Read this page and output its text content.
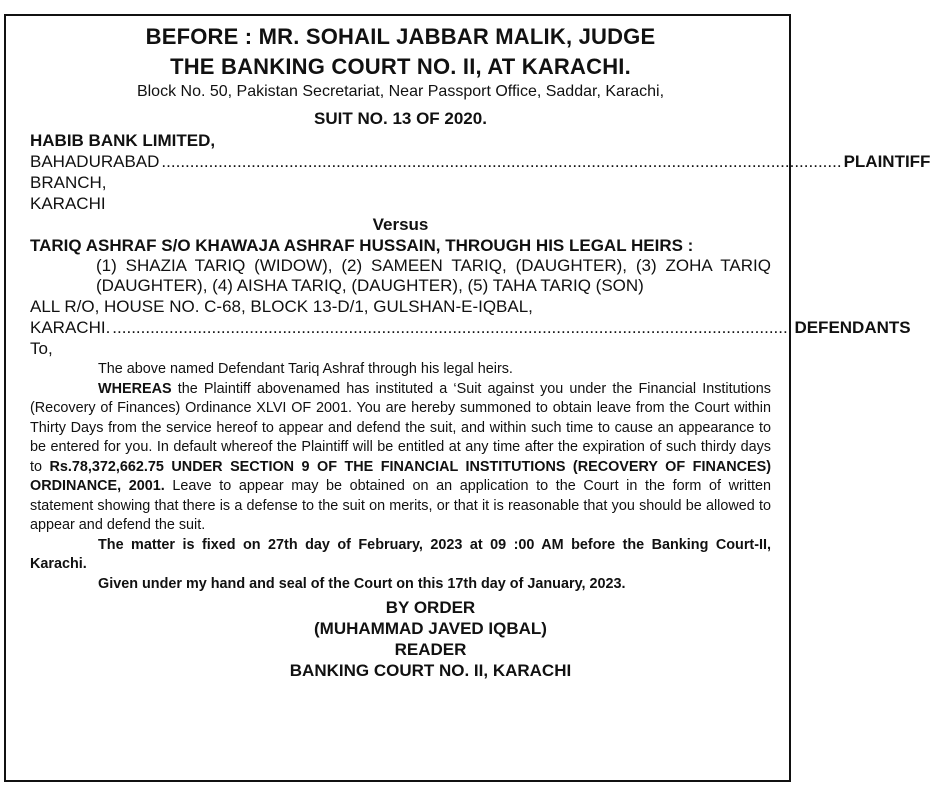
BEFORE : MR. SOHAIL JABBAR MALIK, JUDGE
THE BANKING COURT NO. II, AT KARACHI.
Block No. 50, Pakistan Secretariat, Near Passport Office, Saddar, Karachi,
SUIT NO. 13 OF 2020.
HABIB BANK LIMITED,
BAHADURABAD BRANCH, KARACHI
................................................................................................................................................ PLAINTIFF
Versus
TARIQ ASHRAF S/O KHAWAJA ASHRAF HUSSAIN, THROUGH HIS LEGAL HEIRS :
(1) SHAZIA TARIQ (WIDOW), (2) SAMEEN TARIQ, (DAUGHTER), (3) ZOHA TARIQ (DAUGHTER), (4) AISHA TARIQ, (DAUGHTER), (5) TAHA TARIQ (SON)
ALL R/O, HOUSE NO. C-68, BLOCK 13-D/1, GULSHAN-E-IQBAL,
KARACHI. ................................................................................................................................................ DEFENDANTS
To,

The above named Defendant Tariq Ashraf through his legal heirs.

WHEREAS the Plaintiff abovenamed has instituted a ‘Suit against you under the Financial Institutions (Recovery of Finances) Ordinance XLVI OF 2001. You are hereby summoned to obtain leave from the Court within Thirty Days from the service hereof to appear and defend the suit, and within such time to cause an appearance to be entered for you. In default whereof the Plaintiff will be entitled at any time after the expiration of such thirdy days to Rs.78,372,662.75 UNDER SECTION 9 OF THE FINANCIAL INSTITUTIONS (RECOVERY OF FINANCES) ORDINANCE, 2001. Leave to appear may be obtained on an application to the Court in the form of written statement showing that there is a defense to the suit on merits, or that it is reasonable that you should be allowed to appear and defend the suit.

The matter is fixed on 27th day of February, 2023 at 09 :00 AM before the Banking Court-II, Karachi.

Given under my hand and seal of the Court on this 17th day of January, 2023.

BY ORDER
(MUHAMMAD JAVED IQBAL)
READER
BANKING COURT NO. II, KARACHI
